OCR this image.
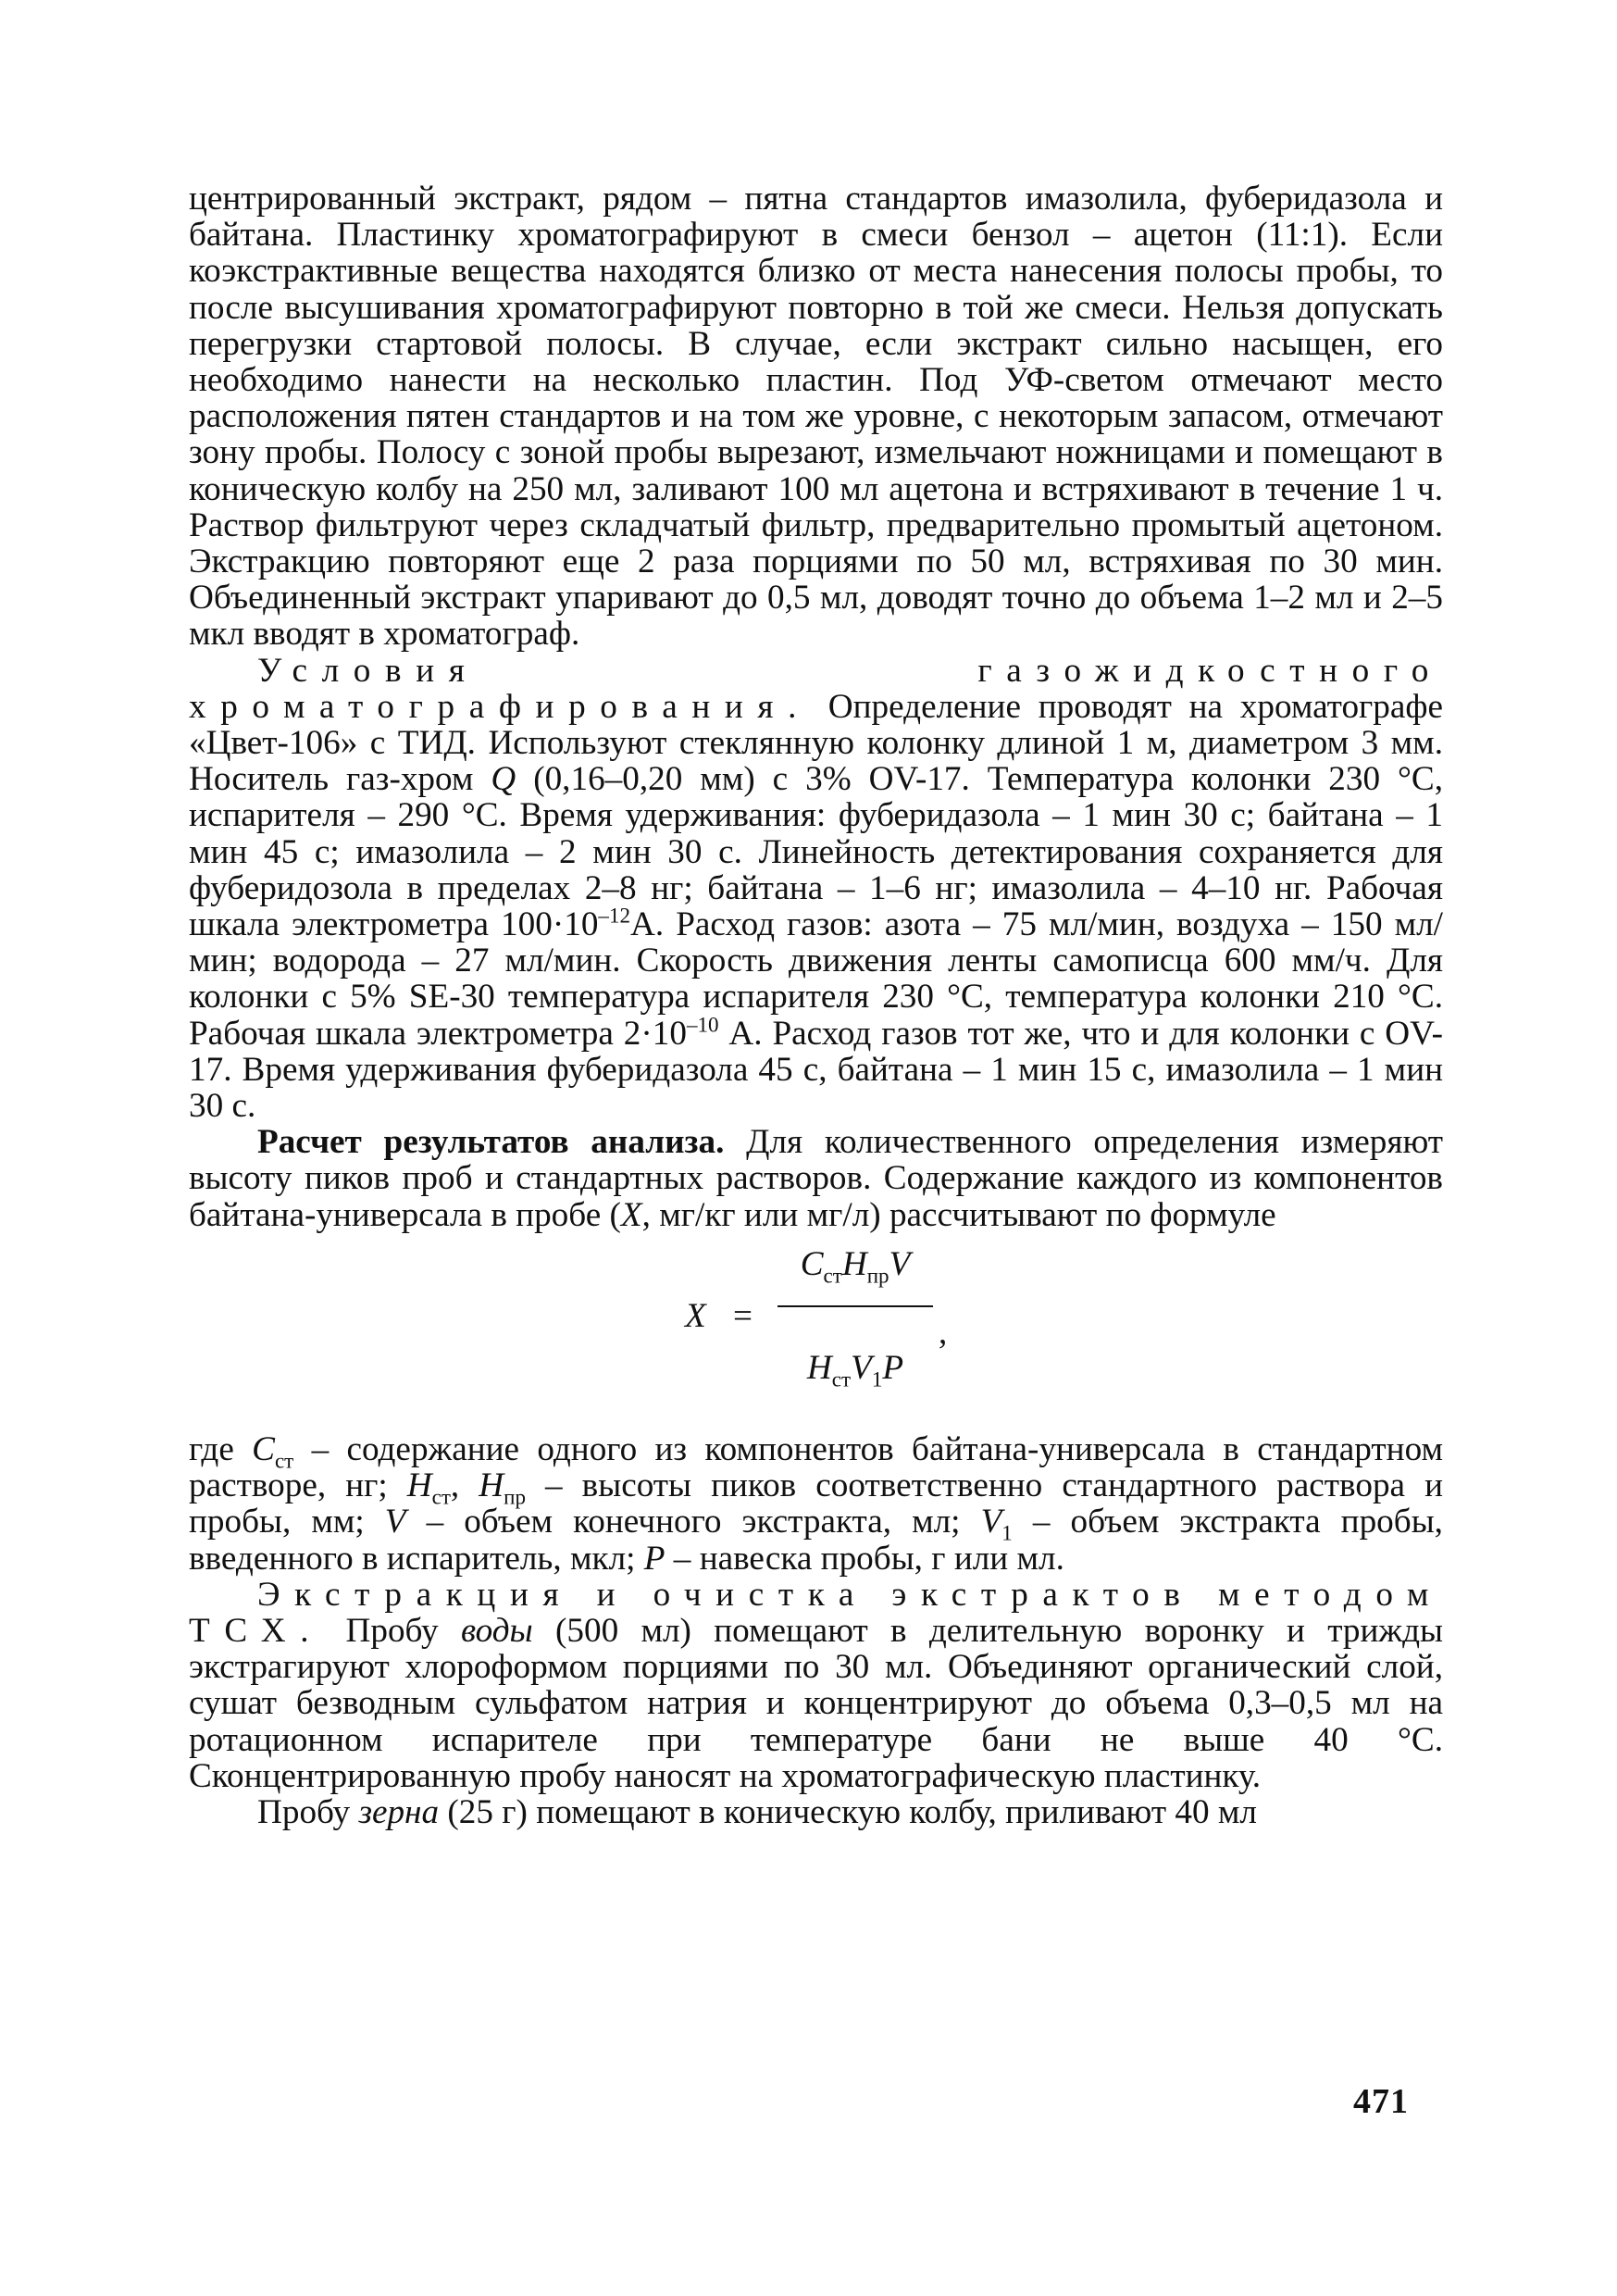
центрированный экстракт, рядом – пятна стандартов имазолила, фуберидазола и байтана. Пластинку хроматографируют в смеси бензол – ацетон (11:1). Если коэкстрактивные вещества находятся близко от места нанесения полосы пробы, то после высушивания хроматографируют повторно в той же смеси. Нельзя допускать перегрузки стартовой полосы. В случае, если экстракт сильно насыщен, его необходимо нанести на несколько пластин. Под УФ-светом отмечают место расположения пятен стандартов и на том же уровне, с некоторым запасом, отмечают зону пробы. Полосу с зоной пробы вырезают, измельчают ножницами и помещают в коническую колбу на 250 мл, заливают 100 мл ацетона и встряхивают в течение 1 ч. Раствор фильтруют через складчатый фильтр, предварительно промытый ацетоном. Экстракцию повторяют еще 2 раза порциями по 50 мл, встряхивая по 30 мин. Объединенный экстракт упаривают до 0,5 мл, доводят точно до объема 1–2 мл и 2–5 мкл вводят в хроматограф.

Условия газожидкостного хроматографирования. Определение проводят на хроматографе «Цвет-106» с ТИД. Используют стеклянную колонку длиной 1 м, диаметром 3 мм. Носитель газ-хром Q (0,16–0,20 мм) с 3% OV-17. Температура колонки 230 °С, испарителя – 290 °С. Время удерживания: фуберидазола – 1 мин 30 с; байтана – 1 мин 45 с; имазолила – 2 мин 30 с. Линейность детектирования сохраняется для фуберидозола в пределах 2–8 нг; байтана – 1–6 нг; имазолила – 4–10 нг. Рабочая шкала электрометра $100\cdot 10^{-12}А$. Расход газов: азота – 75 мл/мин, воздуха – 150 мл/мин; водорода – 27 мл/мин. Скорость движения ленты самописца 600 мм/ч. Для колонки с 5% SE-30 температура испарителя 230 °С, температура колонки 210 °С. Рабочая шкала электрометра $2\cdot 10^{-10}$ А. Расход газов тот же, что и для колонки с OV-17. Время удерживания фуберидазола 45 с, байтана – 1 мин 15 с, имазолила – 1 мин 30 с.

Расчет результатов анализа. Для количественного определения измеряют высоту пиков проб и стандартных растворов. Содержание каждого из компонентов байтана-универсала в пробе (X, мг/кг или мг/л) рассчитывают по формуле

X =
$C_{ст}H_{пр}V$
$H_{ст}V_1P$
,

где $C_{ст}$ – содержание одного из компонентов байтана-универсала в стандартном растворе, нг; $H_{ст}$, $H_{пр}$ – высоты пиков соответственно стандартного раствора и пробы, мм; V – объем конечного экстракта, мл; $V_1$ – объем экстракта пробы, введенного в испаритель, мкл; P – навеска пробы, г или мл.

Экстракция и очистка экстрактов методом ТСХ. Пробу воды (500 мл) помещают в делительную воронку и трижды экстрагируют хлороформом порциями по 30 мл. Объединяют органический слой, сушат безводным сульфатом натрия и концентрируют до объема 0,3–0,5 мл на ротационном испарителе при температуре бани не выше 40 °С. Сконцентрированную пробу наносят на хроматографическую пластинку.

Пробу зерна (25 г) помещают в коническую колбу, приливают 40 мл

471
